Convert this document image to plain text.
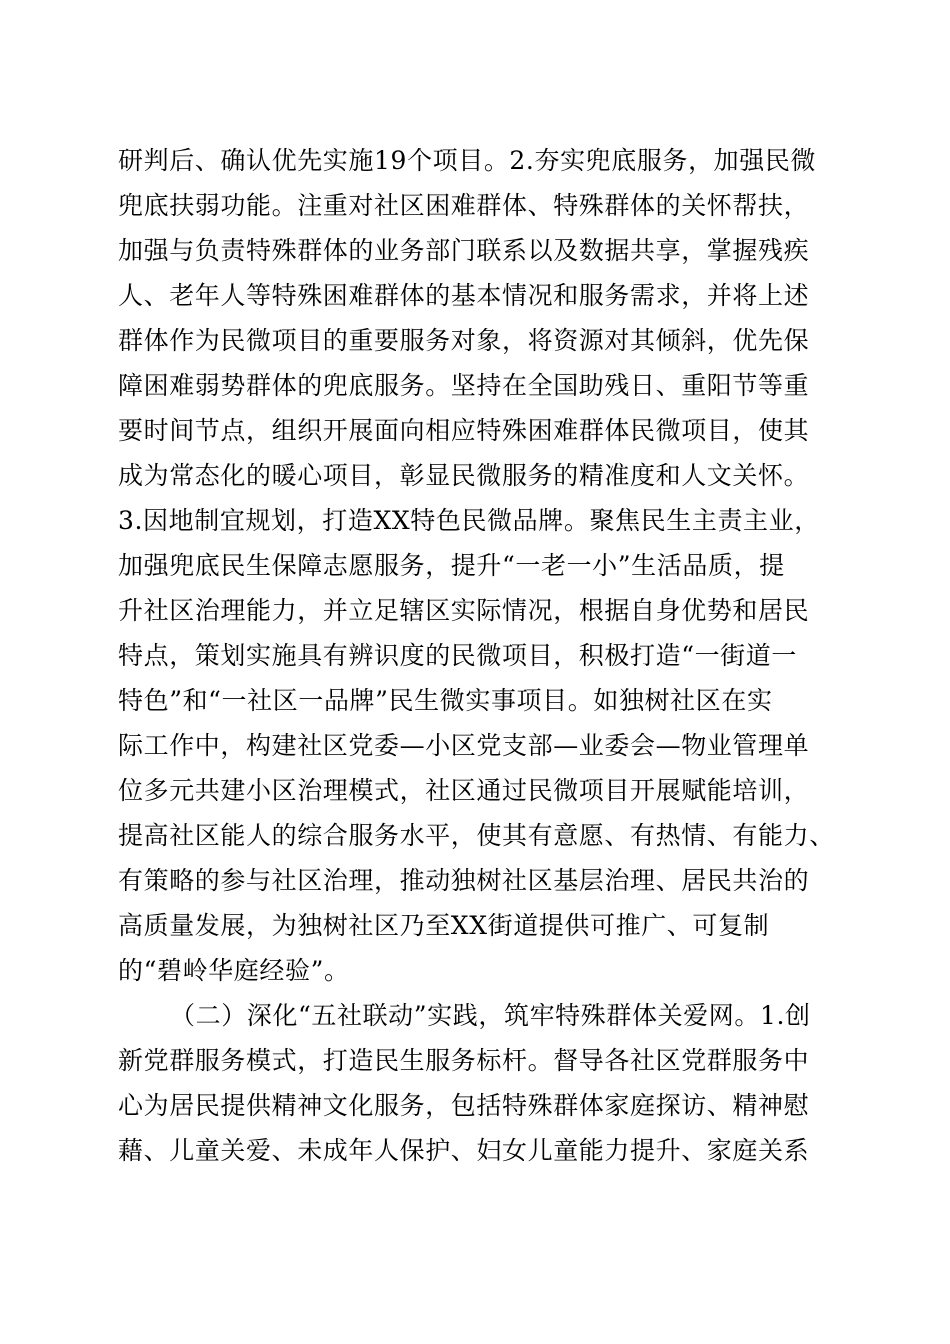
研判后、确认优先实施19个项目。2.夯实兜底服务，加强民微
兜底扶弱功能。注重对社区困难群体、特殊群体的关怀帮扶，
加强与负责特殊群体的业务部门联系以及数据共享，掌握残疾
人、老年人等特殊困难群体的基本情况和服务需求，并将上述
群体作为民微项目的重要服务对象，将资源对其倾斜，优先保
障困难弱势群体的兜底服务。坚持在全国助残日、重阳节等重
要时间节点，组织开展面向相应特殊困难群体民微项目，使其
成为常态化的暖心项目，彰显民微服务的精准度和人文关怀。
3.因地制宜规划，打造XX特色民微品牌。聚焦民生主责主业，
加强兜底民生保障志愿服务，提升“一老一小”生活品质，提
升社区治理能力，并立足辖区实际情况，根据自身优势和居民
特点，策划实施具有辨识度的民微项目，积极打造“一街道一
特色”和“一社区一品牌”民生微实事项目。如独树社区在实
际工作中，构建社区党委—小区党支部—业委会—物业管理单
位多元共建小区治理模式，社区通过民微项目开展赋能培训，
提高社区能人的综合服务水平，使其有意愿、有热情、有能力、
有策略的参与社区治理，推动独树社区基层治理、居民共治的
高质量发展，为独树社区乃至XX街道提供可推广、可复制
的“碧岭华庭经验”。
（二）深化“五社联动”实践，筑牢特殊群体关爱网。1.创
新党群服务模式，打造民生服务标杆。督导各社区党群服务中
心为居民提供精神文化服务，包括特殊群体家庭探访、精神慰
藉、儿童关爱、未成年人保护、妇女儿童能力提升、家庭关系
